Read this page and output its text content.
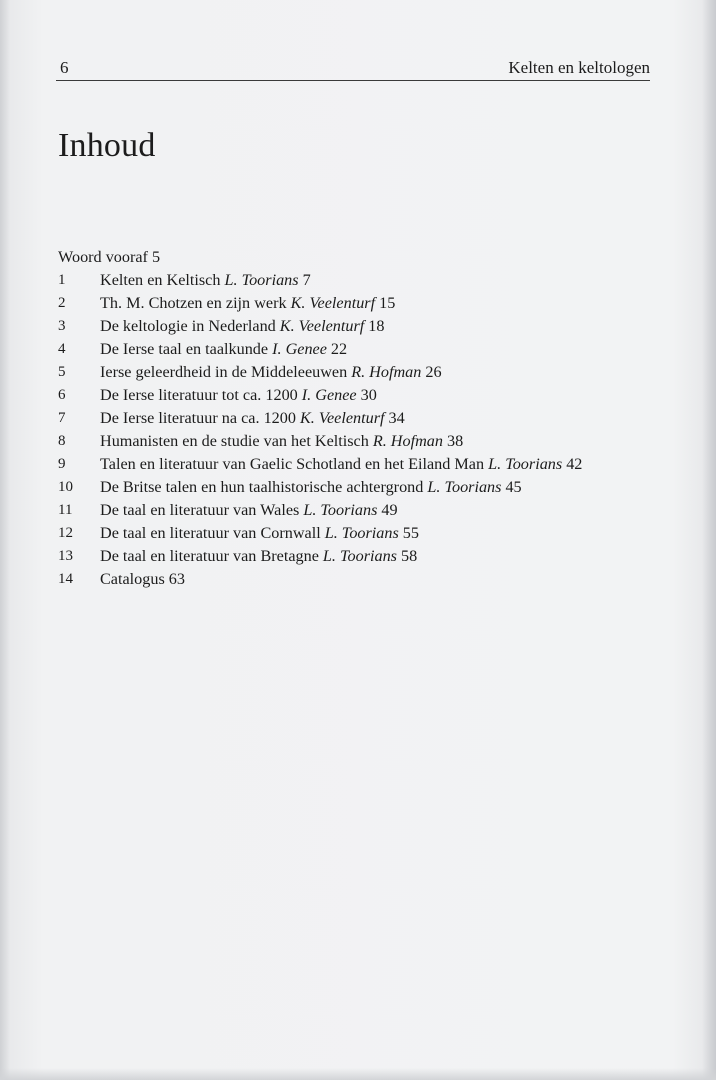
6	Kelten en keltologen
Inhoud
Woord vooraf 5
1	Kelten en Keltisch L. Toorians 7
2	Th. M. Chotzen en zijn werk K. Veelenturf 15
3	De keltologie in Nederland K. Veelenturf 18
4	De Ierse taal en taalkunde I. Genee 22
5	Ierse geleerdheid in de Middeleeuwen R. Hofman 26
6	De Ierse literatuur tot ca. 1200 I. Genee 30
7	De Ierse literatuur na ca. 1200 K. Veelenturf 34
8	Humanisten en de studie van het Keltisch R. Hofman 38
9	Talen en literatuur van Gaelic Schotland en het Eiland Man L. Toorians 42
10	De Britse talen en hun taalhistorische achtergrond L. Toorians 45
11	De taal en literatuur van Wales L. Toorians 49
12	De taal en literatuur van Cornwall L. Toorians 55
13	De taal en literatuur van Bretagne L. Toorians 58
14	Catalogus 63
